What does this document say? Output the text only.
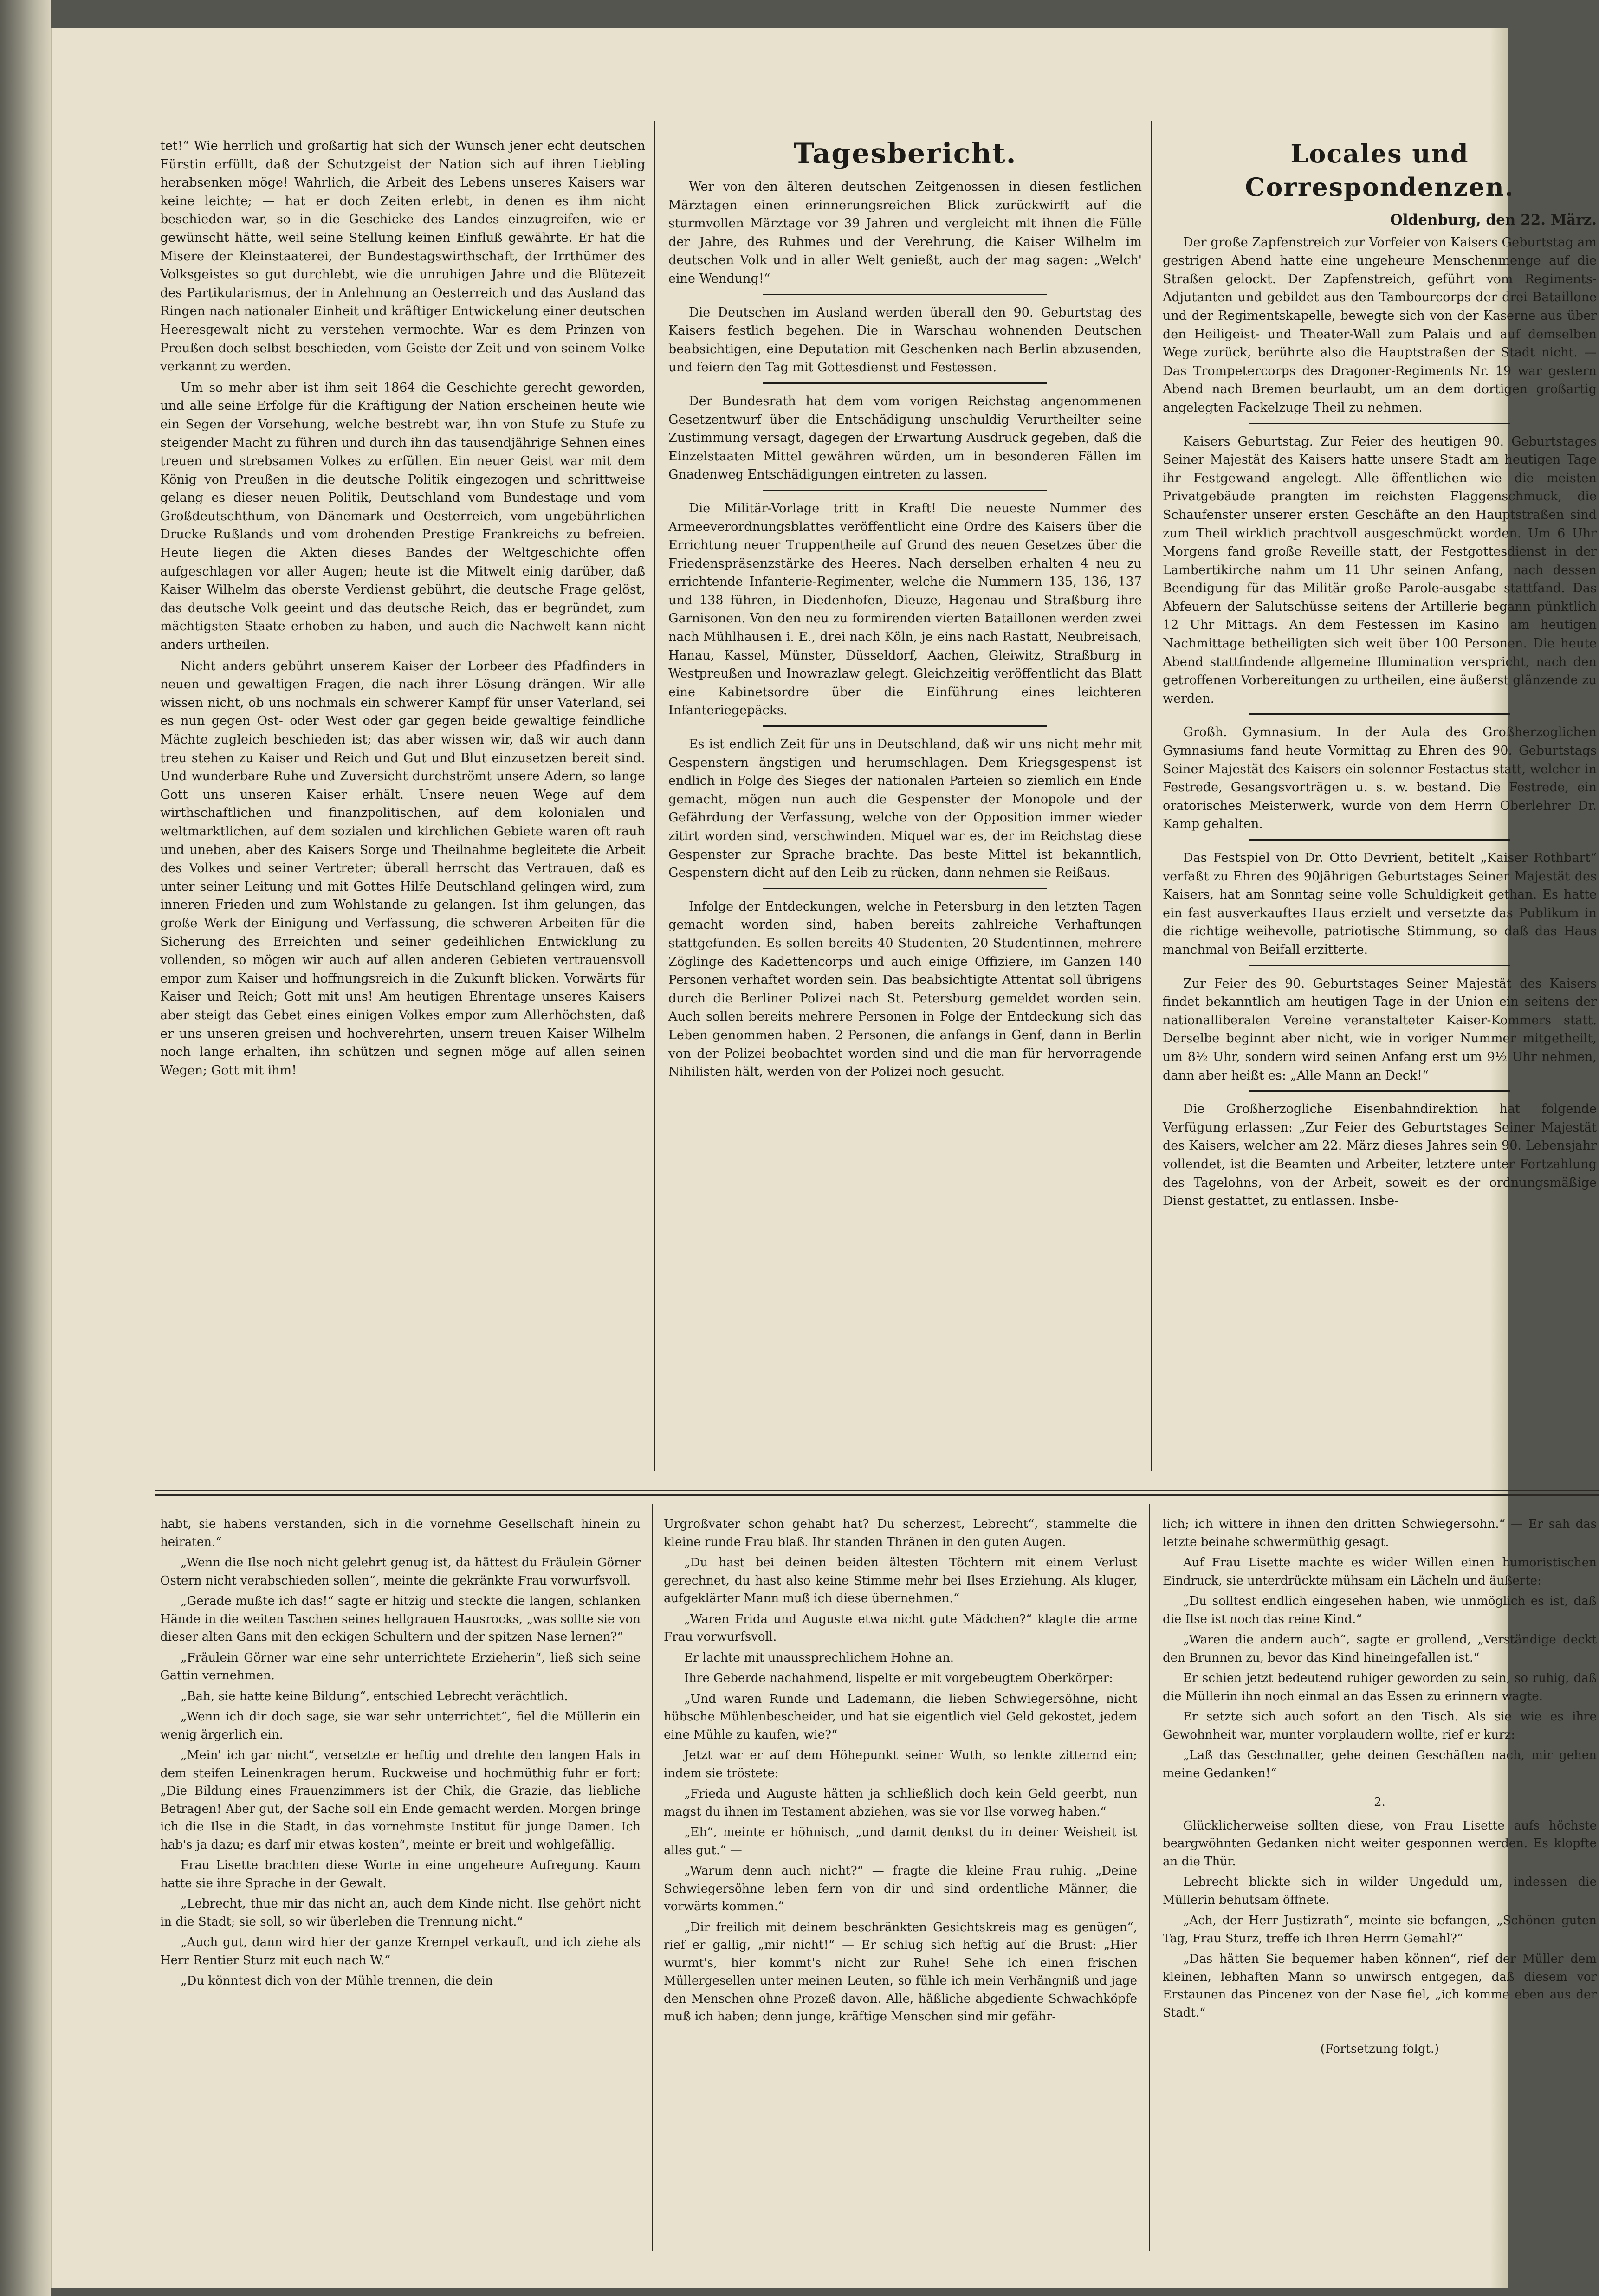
tet!“ Wie herrlich und großartig hat sich der Wunsch jener echt deutschen Fürstin erfüllt, daß der Schutzgeist der Nation sich auf ihren Liebling herabsenken möge! Wahrlich, die Arbeit des Lebens unseres Kaisers war keine leichte; — hat er doch Zeiten erlebt, in denen es ihm nicht beschieden war, so in die Geschicke des Landes einzugreifen, wie er gewünscht hätte, weil seine Stellung keinen Einfluß gewährte. Er hat die Misere der Kleinstaaterei, der Bundestagswirthschaft, der Irrthümer des Volksgeistes so gut durchlebt, wie die unruhigen Jahre und die Blütezeit des Partikularismus, der in Anlehnung an Oesterreich und das Ausland das Ringen nach nationaler Einheit und kräftiger Entwickelung einer deutschen Heeresgewalt nicht zu verstehen vermochte. War es dem Prinzen von Preußen doch selbst beschieden, vom Geiste der Zeit und von seinem Volke verkannt zu werden.

Um so mehr aber ist ihm seit 1864 die Geschichte gerecht geworden, und alle seine Erfolge für die Kräftigung der Nation erscheinen heute wie ein Segen der Vorsehung, welche bestrebt war, ihn von Stufe zu Stufe zu steigender Macht zu führen und durch ihn das tausendjährige Sehnen eines treuen und strebsamen Volkes zu erfüllen. Ein neuer Geist war mit dem König von Preußen in die deutsche Politik eingezogen und schrittweise gelang es dieser neuen Politik, Deutschland vom Bundestage und vom Großdeutschthum, von Dänemark und Oesterreich, vom ungebührlichen Drucke Rußlands und vom drohenden Prestige Frankreichs zu befreien. Heute liegen die Akten dieses Bandes der Weltgeschichte offen aufgeschlagen vor aller Augen; heute ist die Mitwelt einig darüber, daß Kaiser Wilhelm das oberste Verdienst gebührt, die deutsche Frage gelöst, das deutsche Volk geeint und das deutsche Reich, das er begründet, zum mächtigsten Staate erhoben zu haben, und auch die Nachwelt kann nicht anders urtheilen.

Nicht anders gebührt unserem Kaiser der Lorbeer des Pfadfinders in neuen und gewaltigen Fragen, die nach ihrer Lösung drängen. Wir alle wissen nicht, ob uns nochmals ein schwerer Kampf für unser Vaterland, sei es nun gegen Ost- oder West oder gar gegen beide gewaltige feindliche Mächte zugleich beschieden ist; das aber wissen wir, daß wir auch dann treu stehen zu Kaiser und Reich und Gut und Blut einzusetzen bereit sind. Und wunderbare Ruhe und Zuversicht durchströmt unsere Adern, so lange Gott uns unseren Kaiser erhält. Unsere neuen Wege auf dem wirthschaftlichen und finanzpolitischen, auf dem kolonialen und weltmarktlichen, auf dem sozialen und kirchlichen Gebiete waren oft rauh und uneben, aber des Kaisers Sorge und Theilnahme begleitete die Arbeit des Volkes und seiner Vertreter; überall herrscht das Vertrauen, daß es unter seiner Leitung und mit Gottes Hilfe Deutschland gelingen wird, zum inneren Frieden und zum Wohlstande zu gelangen. Ist ihm gelungen, das große Werk der Einigung und Verfassung, die schweren Arbeiten für die Sicherung des Erreichten und seiner gedeihlichen Entwicklung zu vollenden, so mögen wir auch auf allen anderen Gebieten vertrauensvoll empor zum Kaiser und hoffnungsreich in die Zukunft blicken. Vorwärts für Kaiser und Reich; Gott mit uns! Am heutigen Ehrentage unseres Kaisers aber steigt das Gebet eines einigen Volkes empor zum Allerhöchsten, daß er uns unseren greisen und hochverehrten, unsern treuen Kaiser Wilhelm noch lange erhalten, ihn schützen und segnen möge auf allen seinen Wegen; Gott mit ihm!

Tagesbericht.

Wer von den älteren deutschen Zeitgenossen in diesen festlichen Märztagen einen erinnerungsreichen Blick zurückwirft auf die sturmvollen Märztage vor 39 Jahren und vergleicht mit ihnen die Fülle der Jahre, des Ruhmes und der Verehrung, die Kaiser Wilhelm im deutschen Volk und in aller Welt genießt, auch der mag sagen: „Welch' eine Wendung!“

Die Deutschen im Ausland werden überall den 90. Geburtstag des Kaisers festlich begehen. Die in Warschau wohnenden Deutschen beabsichtigen, eine Deputation mit Geschenken nach Berlin abzusenden, und feiern den Tag mit Gottesdienst und Festessen.

Der Bundesrath hat dem vom vorigen Reichstag angenommenen Gesetzentwurf über die Entschädigung unschuldig Verurtheilter seine Zustimmung versagt, dagegen der Erwartung Ausdruck gegeben, daß die Einzelstaaten Mittel gewähren würden, um in besonderen Fällen im Gnadenweg Entschädigungen eintreten zu lassen.

Die Militär-Vorlage tritt in Kraft! Die neueste Nummer des Armeeverordnungsblattes veröffentlicht eine Ordre des Kaisers über die Errichtung neuer Truppentheile auf Grund des neuen Gesetzes über die Friedenspräsenzstärke des Heeres. Nach derselben erhalten 4 neu zu errichtende Infanterie-Regimenter, welche die Nummern 135, 136, 137 und 138 führen, in Diedenhofen, Dieuze, Hagenau und Straßburg ihre Garnisonen. Von den neu zu formirenden vierten Bataillonen werden zwei nach Mühlhausen i. E., drei nach Köln, je eins nach Rastatt, Neubreisach, Hanau, Kassel, Münster, Düsseldorf, Aachen, Gleiwitz, Straßburg in Westpreußen und Inowrazlaw gelegt. Gleichzeitig veröffentlicht das Blatt eine Kabinetsordre über die Einführung eines leichteren Infanteriegepäcks.

Es ist endlich Zeit für uns in Deutschland, daß wir uns nicht mehr mit Gespenstern ängstigen und herumschlagen. Dem Kriegsgespenst ist endlich in Folge des Sieges der nationalen Parteien so ziemlich ein Ende gemacht, mögen nun auch die Gespenster der Monopole und der Gefährdung der Verfassung, welche von der Opposition immer wieder zitirt worden sind, verschwinden. Miquel war es, der im Reichstag diese Gespenster zur Sprache brachte. Das beste Mittel ist bekanntlich, Gespenstern dicht auf den Leib zu rücken, dann nehmen sie Reißaus.

Infolge der Entdeckungen, welche in Petersburg in den letzten Tagen gemacht worden sind, haben bereits zahlreiche Verhaftungen stattgefunden. Es sollen bereits 40 Studenten, 20 Studentinnen, mehrere Zöglinge des Kadettencorps und auch einige Offiziere, im Ganzen 140 Personen verhaftet worden sein. Das beabsichtigte Attentat soll übrigens durch die Berliner Polizei nach St. Petersburg gemeldet worden sein. Auch sollen bereits mehrere Personen in Folge der Entdeckung sich das Leben genommen haben. 2 Personen, die anfangs in Genf, dann in Berlin von der Polizei beobachtet worden sind und die man für hervorragende Nihilisten hält, werden von der Polizei noch gesucht.

Locales und Correspondenzen.

Oldenburg, den 22. März.

Der große Zapfenstreich zur Vorfeier von Kaisers Geburtstag am gestrigen Abend hatte eine ungeheure Menschenmenge auf die Straßen gelockt. Der Zapfenstreich, geführt vom Regiments-Adjutanten und gebildet aus den Tambourcorps der drei Bataillone und der Regimentskapelle, bewegte sich von der Kaserne aus über den Heiligeist- und Theater-Wall zum Palais und auf demselben Wege zurück, berührte also die Hauptstraßen der Stadt nicht. — Das Trompetercorps des Dragoner-Regiments Nr. 19 war gestern Abend nach Bremen beurlaubt, um an dem dortigen großartig angelegten Fackelzuge Theil zu nehmen.

Kaisers Geburtstag. Zur Feier des heutigen 90. Geburtstages Seiner Majestät des Kaisers hatte unsere Stadt am heutigen Tage ihr Festgewand angelegt. Alle öffentlichen wie die meisten Privatgebäude prangten im reichsten Flaggenschmuck, die Schaufenster unserer ersten Geschäfte an den Hauptstraßen sind zum Theil wirklich prachtvoll ausgeschmückt worden. Um 6 Uhr Morgens fand große Reveille statt, der Festgottesdienst in der Lambertikirche nahm um 11 Uhr seinen Anfang, nach dessen Beendigung für das Militär große Parole-ausgabe stattfand. Das Abfeuern der Salutschüsse seitens der Artillerie begann pünktlich 12 Uhr Mittags. An dem Festessen im Kasino am heutigen Nachmittage betheiligten sich weit über 100 Personen. Die heute Abend stattfindende allgemeine Illumination verspricht, nach den getroffenen Vorbereitungen zu urtheilen, eine äußerst glänzende zu werden.

Großh. Gymnasium. In der Aula des Großherzoglichen Gymnasiums fand heute Vormittag zu Ehren des 90. Geburtstags Seiner Majestät des Kaisers ein solenner Festactus statt, welcher in Festrede, Gesangsvorträgen u. s. w. bestand. Die Festrede, ein oratorisches Meisterwerk, wurde von dem Herrn Oberlehrer Dr. Kamp gehalten.

Das Festspiel von Dr. Otto Devrient, betitelt „Kaiser Rothbart“ verfaßt zu Ehren des 90jährigen Geburtstages Seiner Majestät des Kaisers, hat am Sonntag seine volle Schuldigkeit gethan. Es hatte ein fast ausverkauftes Haus erzielt und versetzte das Publikum in die richtige weihevolle, patriotische Stimmung, so daß das Haus manchmal von Beifall erzitterte.

Zur Feier des 90. Geburtstages Seiner Majestät des Kaisers findet bekanntlich am heutigen Tage in der Union ein seitens der nationalliberalen Vereine veranstalteter Kaiser-Kommers statt. Derselbe beginnt aber nicht, wie in voriger Nummer mitgetheilt, um 8½ Uhr, sondern wird seinen Anfang erst um 9½ Uhr nehmen, dann aber heißt es: „Alle Mann an Deck!“

Die Großherzogliche Eisenbahndirektion hat folgende Verfügung erlassen: „Zur Feier des Geburtstages Seiner Majestät des Kaisers, welcher am 22. März dieses Jahres sein 90. Lebensjahr vollendet, ist die Beamten und Arbeiter, letztere unter Fortzahlung des Tagelohns, von der Arbeit, soweit es der ordnungsmäßige Dienst gestattet, zu entlassen. Insbe-

habt, sie habens verstanden, sich in die vornehme Gesellschaft hinein zu heiraten.“

„Wenn die Ilse noch nicht gelehrt genug ist, da hättest du Fräulein Görner Ostern nicht verabschieden sollen“, meinte die gekränkte Frau vorwurfsvoll.

„Gerade mußte ich das!“ sagte er hitzig und steckte die langen, schlanken Hände in die weiten Taschen seines hellgrauen Hausrocks, „was sollte sie von dieser alten Gans mit den eckigen Schultern und der spitzen Nase lernen?“

„Fräulein Görner war eine sehr unterrichtete Erzieherin“, ließ sich seine Gattin vernehmen.

„Bah, sie hatte keine Bildung“, entschied Lebrecht verächtlich.

„Wenn ich dir doch sage, sie war sehr unterrichtet“, fiel die Müllerin ein wenig ärgerlich ein.

„Mein' ich gar nicht“, versetzte er heftig und drehte den langen Hals in dem steifen Leinenkragen herum. Ruckweise und hochmüthig fuhr er fort: „Die Bildung eines Frauenzimmers ist der Chik, die Grazie, das liebliche Betragen! Aber gut, der Sache soll ein Ende gemacht werden. Morgen bringe ich die Ilse in die Stadt, in das vornehmste Institut für junge Damen. Ich hab's ja dazu; es darf mir etwas kosten“, meinte er breit und wohlgefällig.

Frau Lisette brachten diese Worte in eine ungeheure Aufregung. Kaum hatte sie ihre Sprache in der Gewalt.

„Lebrecht, thue mir das nicht an, auch dem Kinde nicht. Ilse gehört nicht in die Stadt; sie soll, so wir überleben die Trennung nicht.“

„Auch gut, dann wird hier der ganze Krempel verkauft, und ich ziehe als Herr Rentier Sturz mit euch nach W.“

„Du könntest dich von der Mühle trennen, die dein

Urgroßvater schon gehabt hat? Du scherzest, Lebrecht“, stammelte die kleine runde Frau blaß. Ihr standen Thränen in den guten Augen.

„Du hast bei deinen beiden ältesten Töchtern mit einem Verlust gerechnet, du hast also keine Stimme mehr bei Ilses Erziehung. Als kluger, aufgeklärter Mann muß ich diese übernehmen.“

„Waren Frida und Auguste etwa nicht gute Mädchen?“ klagte die arme Frau vorwurfsvoll.

Er lachte mit unaussprechlichem Hohne an.

Ihre Geberde nachahmend, lispelte er mit vorgebeugtem Oberkörper:

„Und waren Runde und Lademann, die lieben Schwiegersöhne, nicht hübsche Mühlenbescheider, und hat sie eigentlich viel Geld gekostet, jedem eine Mühle zu kaufen, wie?“

Jetzt war er auf dem Höhepunkt seiner Wuth, so lenkte zitternd ein; indem sie tröstete:

„Frieda und Auguste hätten ja schließlich doch kein Geld geerbt, nun magst du ihnen im Testament abziehen, was sie vor Ilse vorweg haben.“

„Eh“, meinte er höhnisch, „und damit denkst du in deiner Weisheit ist alles gut.“ —

„Warum denn auch nicht?“ — fragte die kleine Frau ruhig. „Deine Schwiegersöhne leben fern von dir und sind ordentliche Männer, die vorwärts kommen.“

„Dir freilich mit deinem beschränkten Gesichtskreis mag es genügen“, rief er gallig, „mir nicht!“ — Er schlug sich heftig auf die Brust: „Hier wurmt's, hier kommt's nicht zur Ruhe! Sehe ich einen frischen Müllergesellen unter meinen Leuten, so fühle ich mein Verhängniß und jage den Menschen ohne Prozeß davon. Alle, häßliche abgediente Schwachköpfe muß ich haben; denn junge, kräftige Menschen sind mir gefähr-

lich; ich wittere in ihnen den dritten Schwiegersohn.“ — Er sah das letzte beinahe schwermüthig gesagt.

Auf Frau Lisette machte es wider Willen einen humoristischen Eindruck, sie unterdrückte mühsam ein Lächeln und äußerte:

„Du solltest endlich eingesehen haben, wie unmöglich es ist, daß die Ilse ist noch das reine Kind.“

„Waren die andern auch“, sagte er grollend, „Verständige deckt den Brunnen zu, bevor das Kind hineingefallen ist.“

Er schien jetzt bedeutend ruhiger geworden zu sein, so ruhig, daß die Müllerin ihn noch einmal an das Essen zu erinnern wagte.

Er setzte sich auch sofort an den Tisch. Als sie wie es ihre Gewohnheit war, munter vorplaudern wollte, rief er kurz:

„Laß das Geschnatter, gehe deinen Geschäften nach, mir gehen meine Gedanken!“

2.

Glücklicherweise sollten diese, von Frau Lisette aufs höchste beargwöhnten Gedanken nicht weiter gesponnen werden. Es klopfte an die Thür.

Lebrecht blickte sich in wilder Ungeduld um, indessen die Müllerin behutsam öffnete.

„Ach, der Herr Justizrath“, meinte sie befangen, „Schönen guten Tag, Frau Sturz, treffe ich Ihren Herrn Gemahl?“

„Das hätten Sie bequemer haben können“, rief der Müller dem kleinen, lebhaften Mann so unwirsch entgegen, daß diesem vor Erstaunen das Pincenez von der Nase fiel, „ich komme eben aus der Stadt.“

(Fortsetzung folgt.)
